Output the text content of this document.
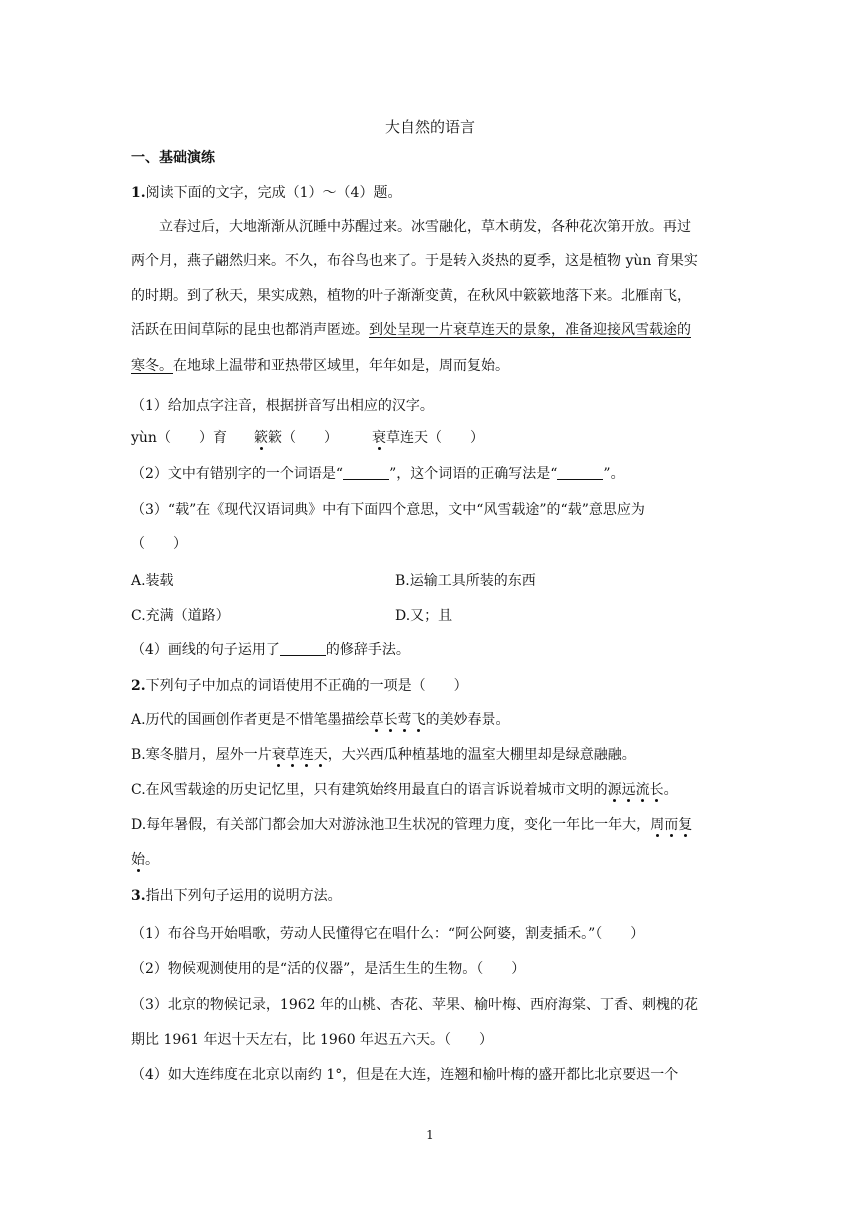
大自然的语言
一、基础演练
1.阅读下面的文字，完成（1）～（4）题。
立春过后，大地渐渐从沉睡中苏醒过来。冰雪融化，草木萌发，各种花次第开放。再过
两个月，燕子翩然归来。不久，布谷鸟也来了。于是转入炎热的夏季，这是植物 yùn 育果实
的时期。到了秋天，果实成熟，植物的叶子渐渐变黄，在秋风中簌簌地落下来。北雁南飞，
活跃在田间草际的昆虫也都消声匿迹。到处呈现一片衰草连天的景象，准备迎接风雪载途的
寒冬。在地球上温带和亚热带区域里，年年如是，周而复始。
（1）给加点字注音，根据拼音写出相应的汉字。
yùn（　　）育 簌簌（　　） 衰草连天（　　）
（2）文中有错别字的一个词语是“	”，这个词语的正确写法是“	”。
（3）“载”在《现代汉语词典》中有下面四个意思，文中“风雪载途”的“载”意思应为
（　　）
A.装载	B.运输工具所装的东西
C.充满（道路）	D.又；且
（4）画线的句子运用了	的修辞手法。
2.下列句子中加点的词语使用不正确的一项是（　　）
A.历代的国画创作者更是不惜笔墨描绘草长莺飞的美妙春景。
B.寒冬腊月，屋外一片衰草连天，大兴西瓜种植基地的温室大棚里却是绿意融融。
C.在风雪载途的历史记忆里，只有建筑始终用最直白的语言诉说着城市文明的源远流长。
D.每年暑假，有关部门都会加大对游泳池卫生状况的管理力度，变化一年比一年大，周而复
始。
3.指出下列句子运用的说明方法。
（1）布谷鸟开始唱歌，劳动人民懂得它在唱什么：“阿公阿婆，割麦插禾。”（　　）
（2）物候观测使用的是“活的仪器”，是活生生的生物。（　　）
（3）北京的物候记录，1962 年的山桃、杏花、苹果、榆叶梅、西府海棠、丁香、刺槐的花
期比 1961 年迟十天左右，比 1960 年迟五六天。（　　）
（4）如大连纬度在北京以南约 1°，但是在大连，连翘和榆叶梅的盛开都比北京要迟一个
1
